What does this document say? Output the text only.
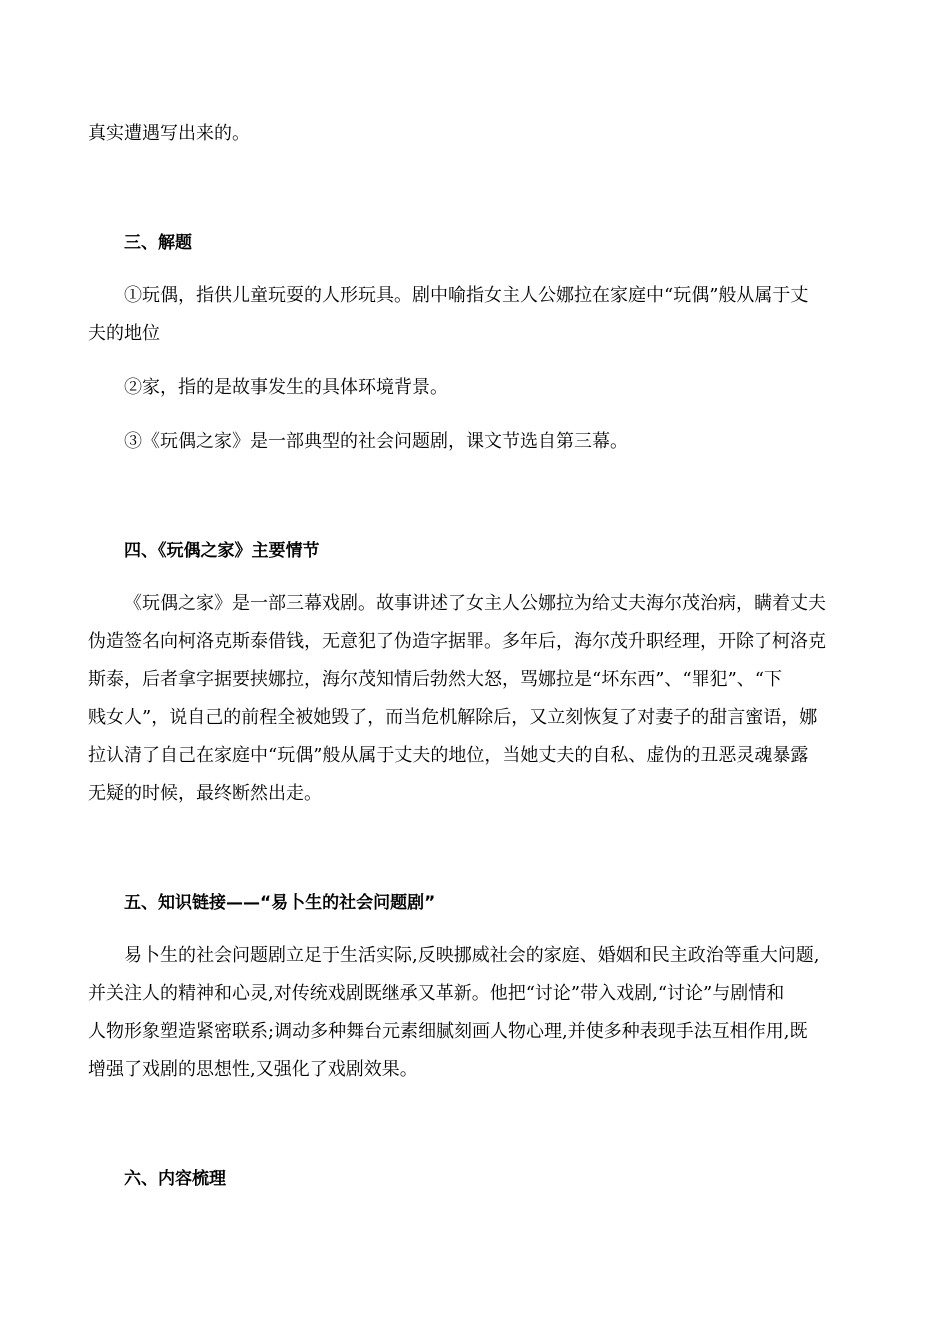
真实遭遇写出来的。
三、解题
①玩偶，指供儿童玩耍的人形玩具。剧中喻指女主人公娜拉在家庭中“玩偶”般从属于丈
夫的地位
②家，指的是故事发生的具体环境背景。
③《玩偶之家》是一部典型的社会问题剧，课文节选自第三幕。
四、《玩偶之家》主要情节
《玩偶之家》是一部三幕戏剧。故事讲述了女主人公娜拉为给丈夫海尔茂治病，瞒着丈夫
伪造签名向柯洛克斯泰借钱，无意犯了伪造字据罪。多年后，海尔茂升职经理，开除了柯洛克
斯泰，后者拿字据要挟娜拉，海尔茂知情后勃然大怒，骂娜拉是“坏东西”、“罪犯”、“下
贱女人”，说自己的前程全被她毁了，而当危机解除后，又立刻恢复了对妻子的甜言蜜语，娜
拉认清了自己在家庭中“玩偶”般从属于丈夫的地位，当她丈夫的自私、虚伪的丑恶灵魂暴露
无疑的时候，最终断然出走。
五、知识链接——“易卜生的社会问题剧”
易卜生的社会问题剧立足于生活实际,反映挪威社会的家庭、婚姻和民主政治等重大问题,
并关注人的精神和心灵,对传统戏剧既继承又革新。他把“讨论”带入戏剧,“讨论”与剧情和
人物形象塑造紧密联系;调动多种舞台元素细腻刻画人物心理,并使多种表现手法互相作用,既
增强了戏剧的思想性,又强化了戏剧效果。
六、内容梳理
